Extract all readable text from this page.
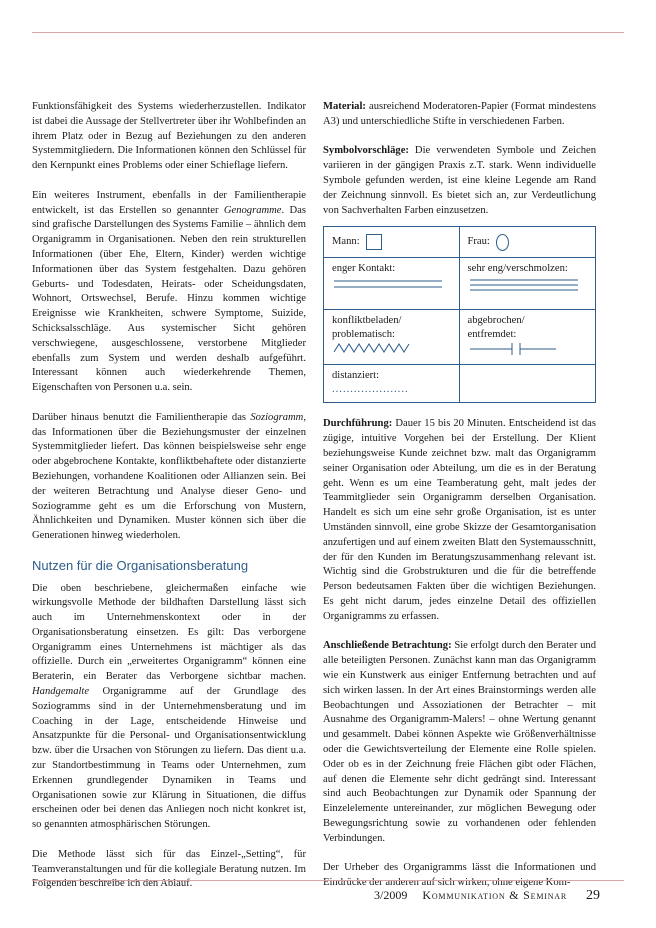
Funktionsfähigkeit des Systems wiederherzustellen. Indikator ist dabei die Aussage der Stellvertreter über ihr Wohlbefinden an ihrem Platz oder in Bezug auf Beziehungen zu den anderen Systemmitgliedern. Die Informationen können den Schlüssel für den Kernpunkt eines Problems oder einer Schieflage liefern.

Ein weiteres Instrument, ebenfalls in der Familientherapie entwickelt, ist das Erstellen so genannter Genogramme. Das sind grafische Darstellungen des Systems Familie – ähnlich dem Organigramm in Organisationen. Neben den rein strukturellen Informationen (über Ehe, Eltern, Kinder) werden wichtige Informationen über das System festgehalten. Dazu gehören Geburts- und Todesdaten, Heirats- oder Scheidungsdaten, Wohnort, Ortswechsel, Berufe. Hinzu kommen wichtige Ereignisse wie Krankheiten, schwere Symptome, Suizide, Schicksalsschläge. Aus systemischer Sicht gehören verschwiegene, ausgeschlossene, verstorbene Mitglieder ebenfalls zum System und werden deshalb aufgeführt. Interessant können auch wiederkehrende Themen, Eigenschaften von Personen u.a. sein.

Darüber hinaus benutzt die Familientherapie das Soziogramm, das Informationen über die Beziehungsmuster der einzelnen Systemmitglieder liefert. Das können beispielsweise sehr enge oder abgebrochene Kontakte, konfliktbehaftete oder distanzierte Beziehungen, vorhandene Koalitionen oder Allianzen sein. Bei der weiteren Betrachtung und Analyse dieser Geno- und Soziogramme geht es um die Erforschung von Mustern, Ähnlichkeiten und Dynamiken. Muster können sich über die Generationen hinweg wiederholen.

Nutzen für die Organisationsberatung

Die oben beschriebene, gleichermaßen einfache wie wirkungsvolle Methode der bildhaften Darstellung lässt sich auch im Unternehmenskontext oder in der Organisationsberatung einsetzen. Es gilt: Das verborgene Organigramm eines Unternehmens ist mächtiger als das offizielle. Durch ein „erweitertes Organigramm“ können eine Beraterin, ein Berater das Verborgene sichtbar machen. Handgemalte Organigramme auf der Grundlage des Soziogramms sind in der Unternehmensberatung und im Coaching in der Lage, entscheidende Hinweise und Ansatzpunkte für die Personal- und Organisationsentwicklung bzw. über die Ursachen von Störungen zu liefern. Das dient u.a. zur Standortbestimmung in Teams oder Unternehmen, zum Erkennen grundlegender Dynamiken in Teams und Organisationen sowie zur Klärung in Situationen, die diffus erscheinen oder bei denen das Anliegen noch nicht konkret ist, so genannten atmosphärischen Störungen.

Die Methode lässt sich für das Einzel-„Setting“, für Teamveranstaltungen und für die kollegiale Beratung nutzen. Im Folgenden beschreibe ich den Ablauf.

Material: ausreichend Moderatoren-Papier (Format mindestens A3) und unterschiedliche Stifte in verschiedenen Farben.

Symbolvorschläge: Die verwendeten Symbole und Zeichen variieren in der gängigen Praxis z.T. stark. Wenn individuelle Symbole gefunden werden, ist eine kleine Legende am Rand der Zeichnung sinnvoll. Es bietet sich an, zur Verdeutlichung von Sachverhalten Farben einzusetzen.

Mann:	Frau:
enger Kontakt:	sehr eng/verschmolzen:
konfliktbeladen/
problematisch:
abgebrochen/
entfremdet:
distanziert:
.....................

Durchführung: Dauer 15 bis 20 Minuten. Entscheidend ist das zügige, intuitive Vorgehen bei der Erstellung. Der Klient beziehungsweise Kunde zeichnet bzw. malt das Organigramm seiner Organisation oder Abteilung, um die es in der Beratung geht. Wenn es um eine Teamberatung geht, malt jedes der Teammitglieder sein Organigramm derselben Organisation. Handelt es sich um eine sehr große Organisation, ist es unter Umständen sinnvoll, eine grobe Skizze der Gesamtorganisation anzufertigen und auf einem zweiten Blatt den Systemausschnitt, der für den Kunden im Beratungszusammenhang relevant ist. Wichtig sind die Grobstrukturen und die für die betreffende Person bedeutsamen Fakten über die wichtigen Beziehungen. Es geht nicht darum, jedes einzelne Detail des offiziellen Organigramms zu erfassen.

Anschließende Betrachtung: Sie erfolgt durch den Berater und alle beteiligten Personen. Zunächst kann man das Organigramm wie ein Kunstwerk aus einiger Entfernung betrachten und auf sich wirken lassen. In der Art eines Brainstormings werden alle Beobachtungen und Assoziationen der Betrachter – mit Ausnahme des Organigramm-Malers! – ohne Wertung genannt und gesammelt. Dabei können Aspekte wie Größenverhältnisse oder die Gewichtsverteilung der Elemente eine Rolle spielen. Oder ob es in der Zeichnung freie Flächen gibt oder Flächen, auf denen die Elemente sehr dicht gedrängt sind. Interessant sind auch Beobachtungen zur Dynamik oder Spannung der Einzelelemente untereinander, zur möglichen Bewegung oder Bewegungsrichtung sowie zu vorhandenen oder fehlenden Verbindungen.

Der Urheber des Organigramms lässt die Informationen und Eindrücke der anderen auf sich wirken, ohne eigene Kom-

3/2009 Kommunikation & Seminar 29
